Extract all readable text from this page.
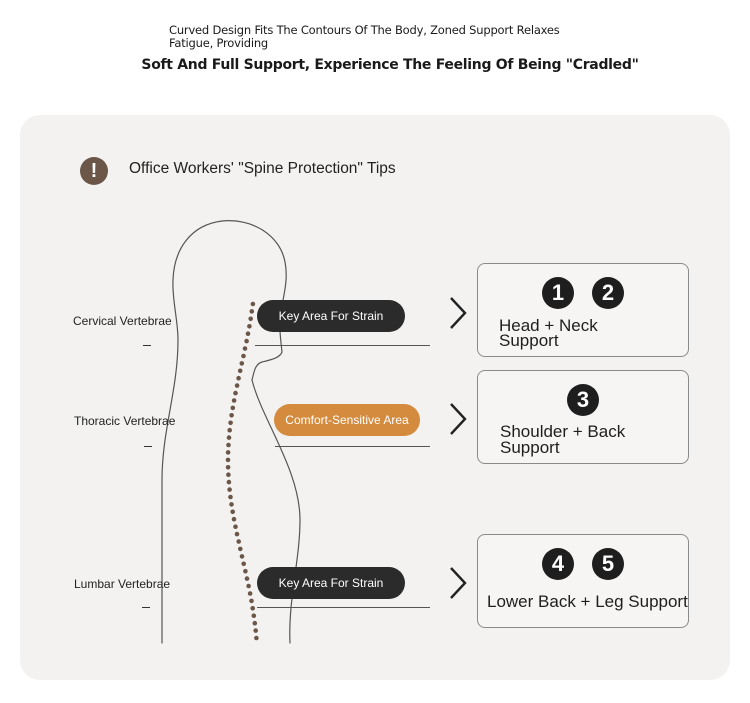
Curved Design Fits The Contours Of The Body, Zoned Support Relaxes Fatigue, Providing
Soft And Full Support, Experience The Feeling Of Being "Cradled"
!	Office Workers' "Spine Protection" Tips
Cervical Vertebrae
Thoracic Vertebrae
Lumbar Vertebrae
Key Area For Strain
Comfort-Sensitive Area
Key Area For Strain
1	2
Head + Neck
Support
3
Shoulder + Back
Support
4	5
Lower Back + Leg Support
